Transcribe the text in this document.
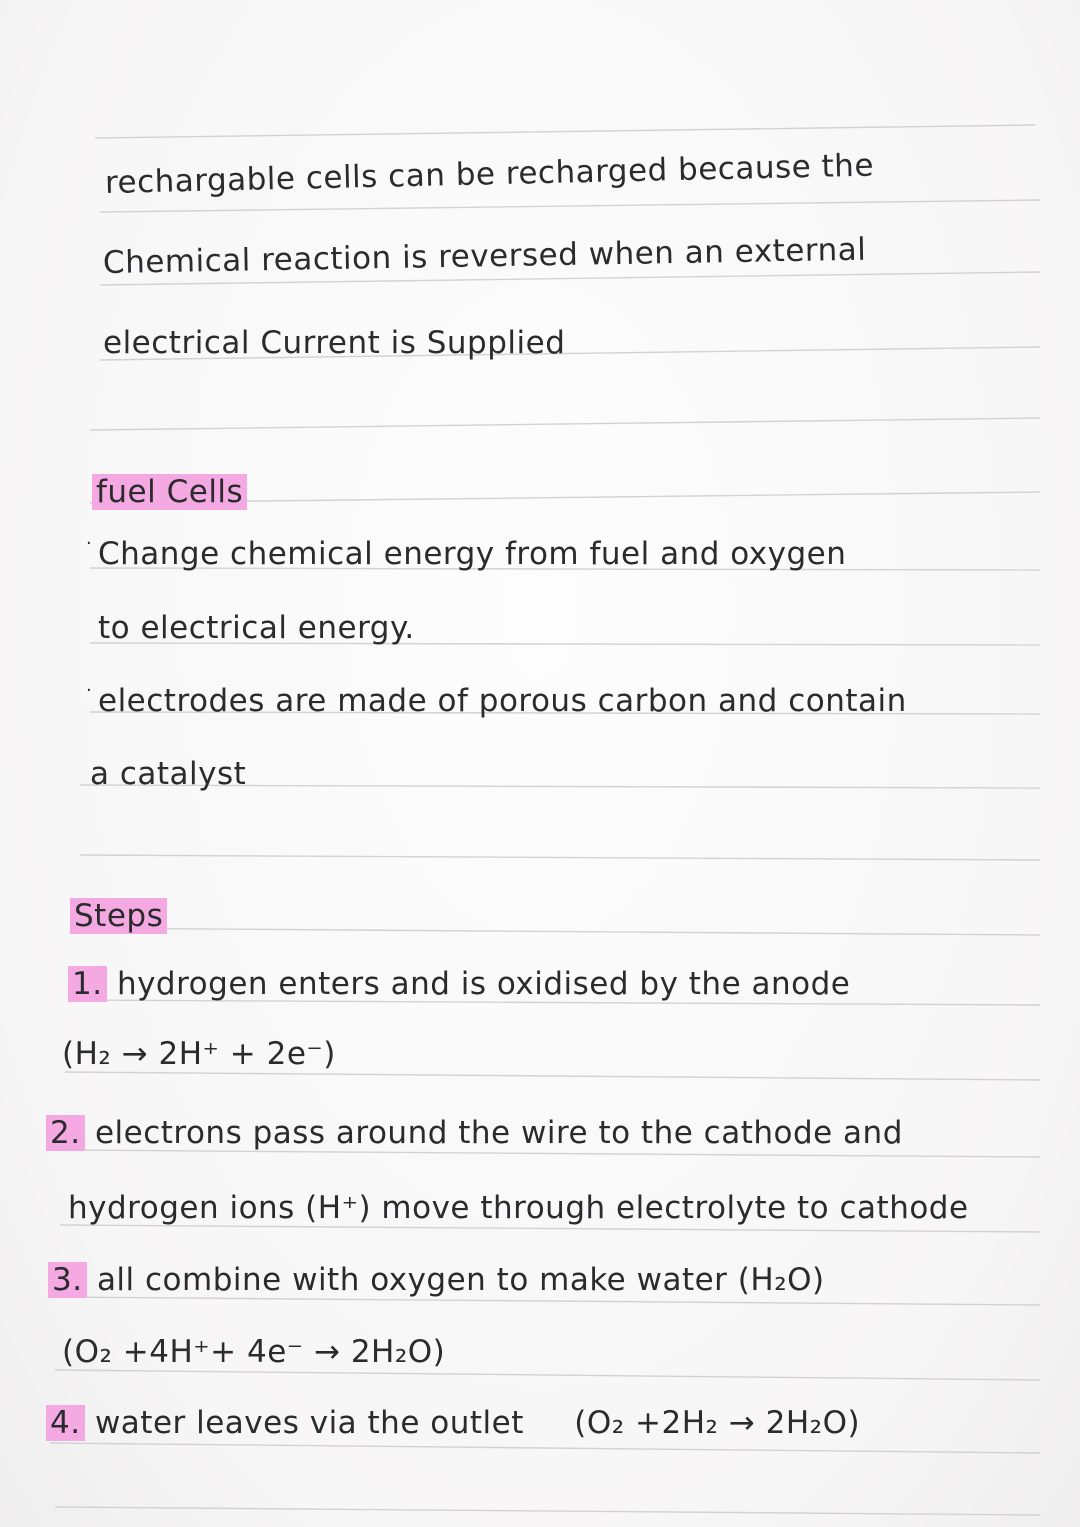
rechargable cells can be recharged because the
Chemical reaction is reversed when an external
electrical Current is Supplied
fuel Cells
· Change chemical energy from fuel and oxygen
to electrical energy.
· electrodes are made of porous carbon and contain
a catalyst
Steps
1. hydrogen enters and is oxidised by the anode
(H₂ → 2H⁺ + 2e⁻)
2. electrons pass around the wire to the cathode and
hydrogen ions (H⁺) move through electrolyte to cathode
3. all combine with oxygen to make water (H₂O)
(O₂ +4H⁺+ 4e⁻ → 2H₂O)
4. water leaves via the outlet (O₂ +2H₂ → 2H₂O)
